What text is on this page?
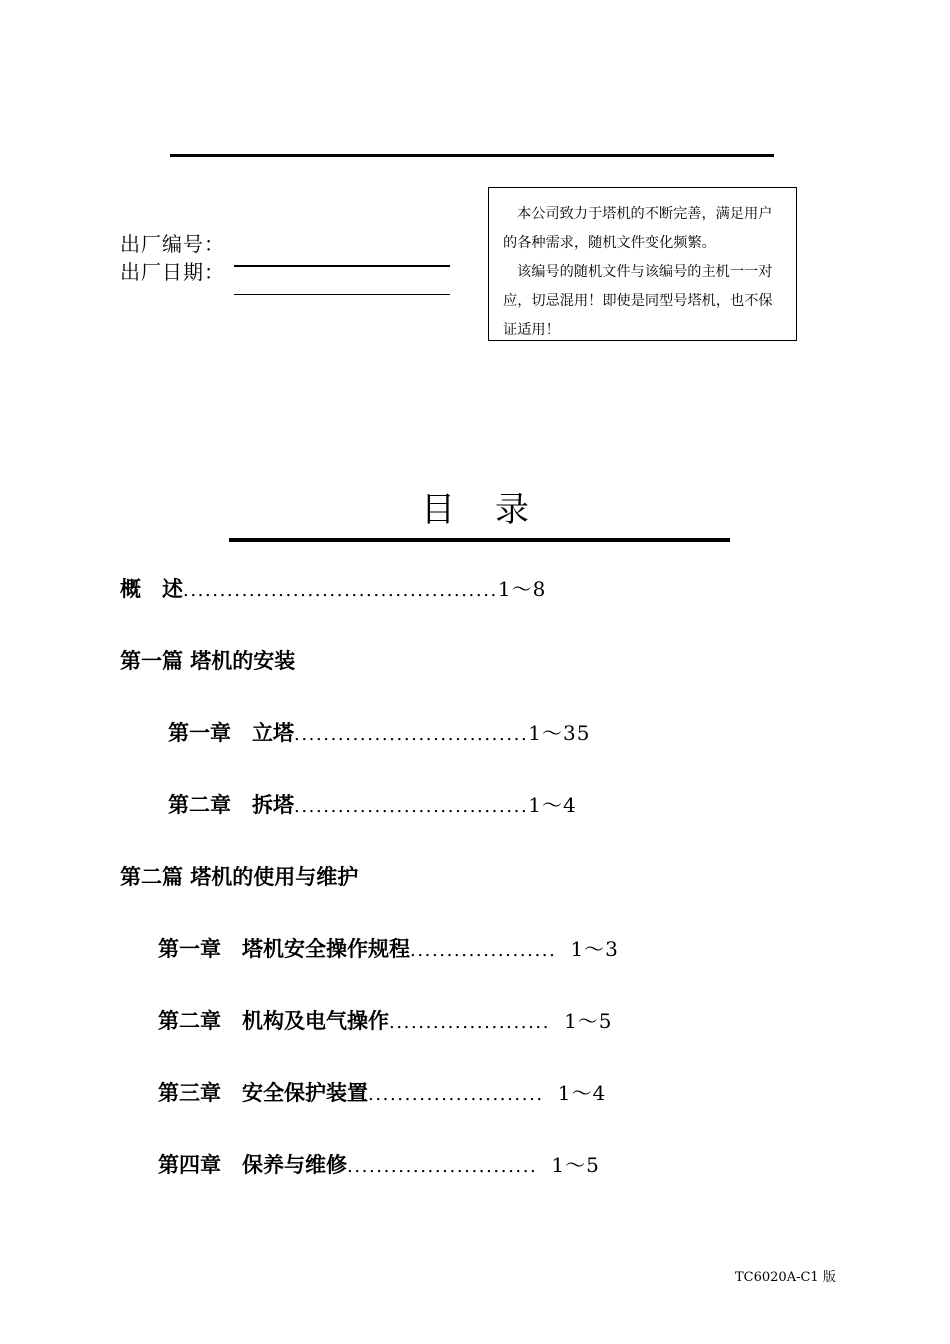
出厂编号：
出厂日期：

本公司致力于塔机的不断完善，满足用户的各种需求，随机文件变化频繁。

该编号的随机文件与该编号的主机一一对应，切忌混用！即使是同型号塔机，也不保证适用！

目录
概　述...........................................1～8
第一篇 塔机的安装
第一章　立塔................................1～35
第二章　拆塔................................1～4
第二篇 塔机的使用与维护
第一章　塔机安全操作规程.................... 1～3
第二章　机构及电气操作...................... 1～5
第三章　安全保护装置........................ 1～4
第四章　保养与维修.......................... 1～5
TC6020A-C1 版
